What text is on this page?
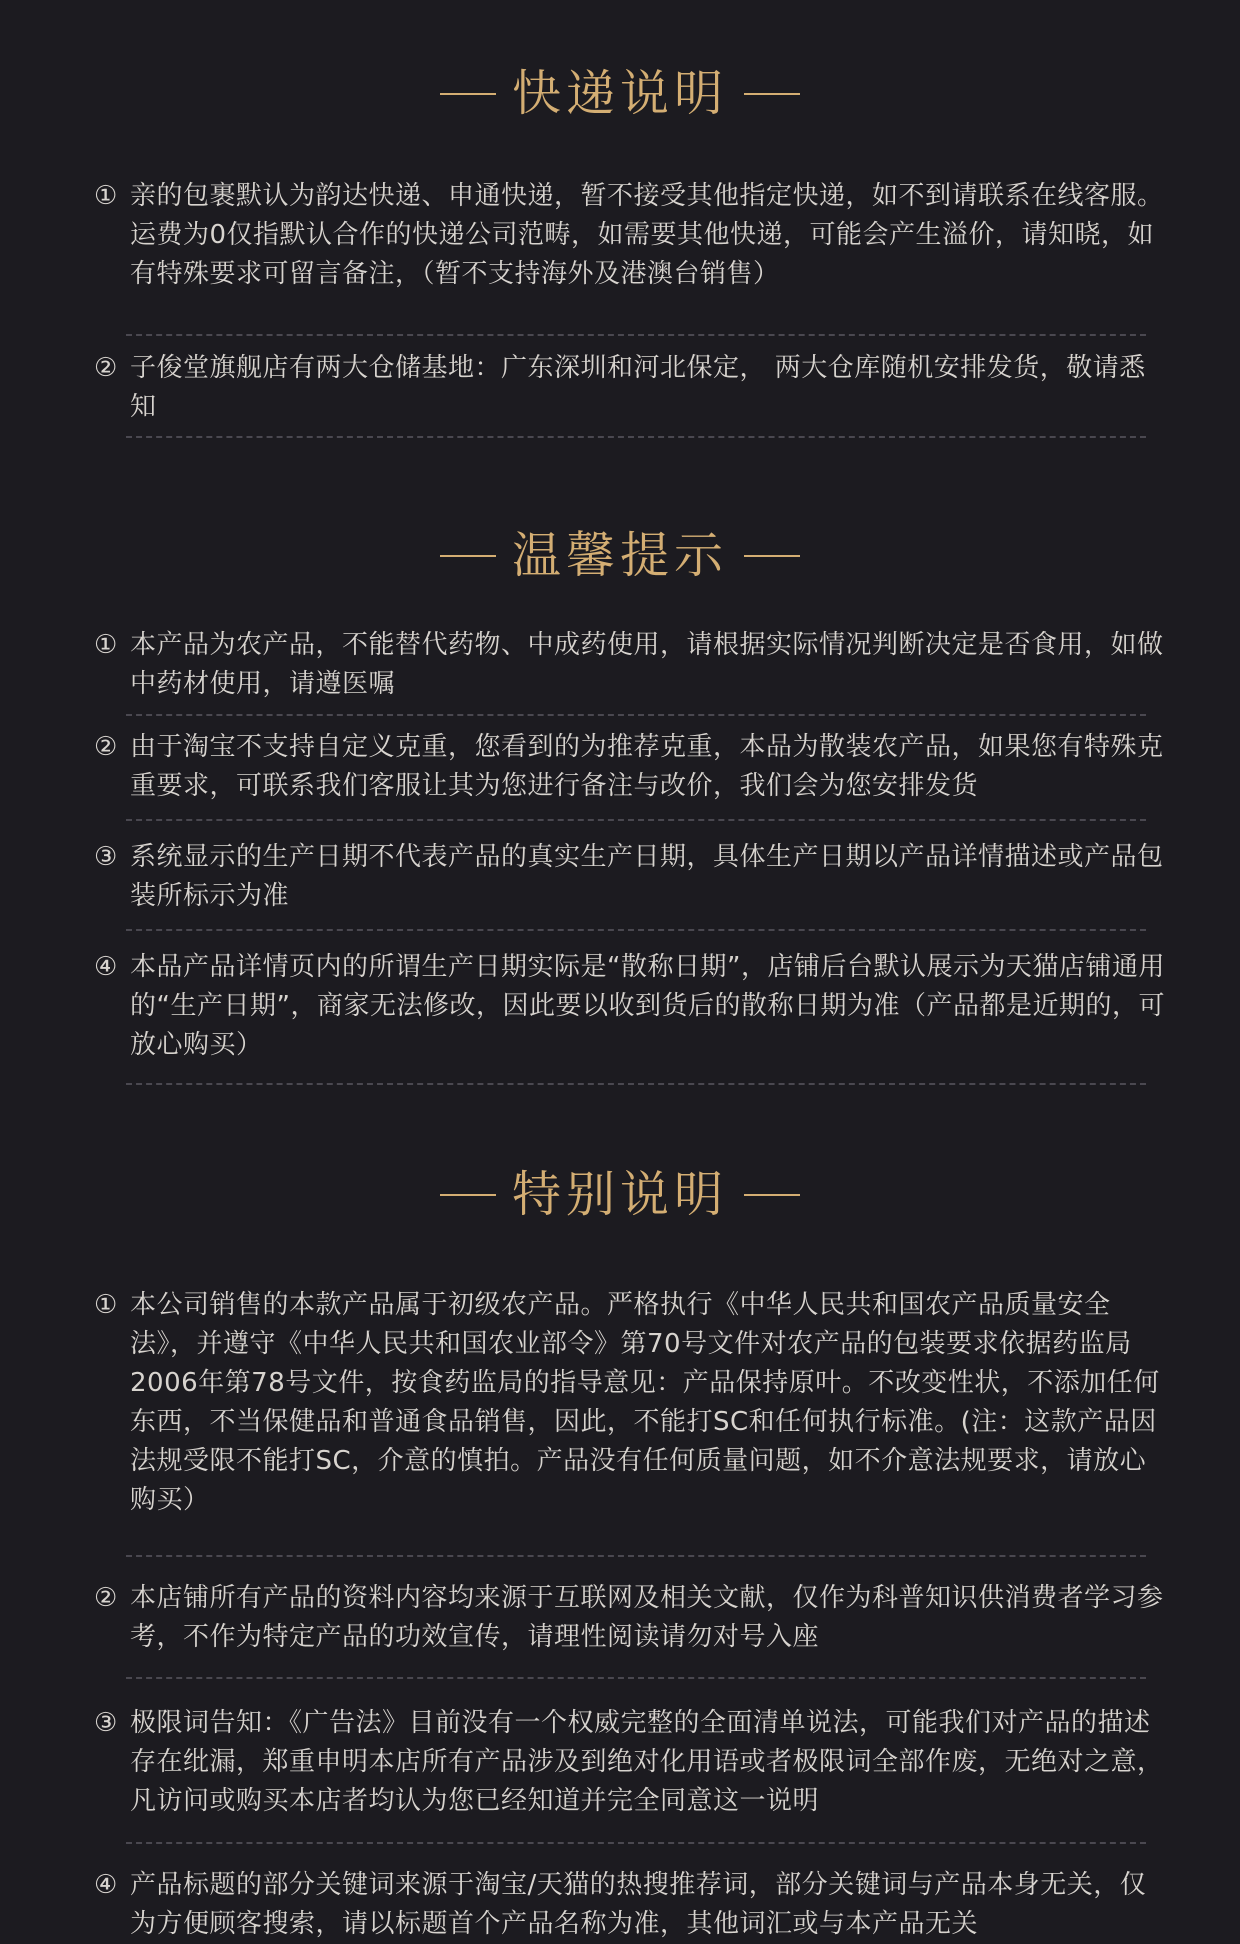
快递说明
① 亲的包裹默认为韵达快递、申通快递，暂不接受其他指定快递，如不到请联系在线客服。运费为0仅指默认合作的快递公司范畴，如需要其他快递，可能会产生溢价，请知晓，如有特殊要求可留言备注，（暂不支持海外及港澳台销售）
② 子俊堂旗舰店有两大仓储基地：广东深圳和河北保定， 两大仓库随机安排发货，敬请悉知
温馨提示
① 本产品为农产品，不能替代药物、中成药使用，请根据实际情况判断决定是否食用，如做中药材使用，请遵医嘱
② 由于淘宝不支持自定义克重，您看到的为推荐克重，本品为散装农产品，如果您有特殊克重要求，可联系我们客服让其为您进行备注与改价，我们会为您安排发货
③ 系统显示的生产日期不代表产品的真实生产日期，具体生产日期以产品详情描述或产品包装所标示为准
④ 本品产品详情页内的所谓生产日期实际是“散称日期”，店铺后台默认展示为天猫店铺通用的“生产日期”，商家无法修改，因此要以收到货后的散称日期为准（产品都是近期的，可放心购买）
特别说明
① 本公司销售的本款产品属于初级农产品。严格执行《中华人民共和国农产品质量安全法》，并遵守《中华人民共和国农业部令》第70号文件对农产品的包装要求依据药监局2006年第78号文件，按食药监局的指导意见：产品保持原叶。不改变性状，不添加任何东西，不当保健品和普通食品销售，因此，不能打SC和任何执行标准。(注：这款产品因法规受限不能打SC，介意的慎拍。产品没有任何质量问题，如不介意法规要求，请放心购买）
② 本店铺所有产品的资料内容均来源于互联网及相关文献，仅作为科普知识供消费者学习参考，不作为特定产品的功效宣传，请理性阅读请勿对号入座
③ 极限词告知：《广告法》目前没有一个权威完整的全面清单说法，可能我们对产品的描述存在纰漏，郑重申明本店所有产品涉及到绝对化用语或者极限词全部作废，无绝对之意，凡访问或购买本店者均认为您已经知道并完全同意这一说明
④ 产品标题的部分关键词来源于淘宝/天猫的热搜推荐词，部分关键词与产品本身无关，仅为方便顾客搜索，请以标题首个产品名称为准，其他词汇或与本产品无关
